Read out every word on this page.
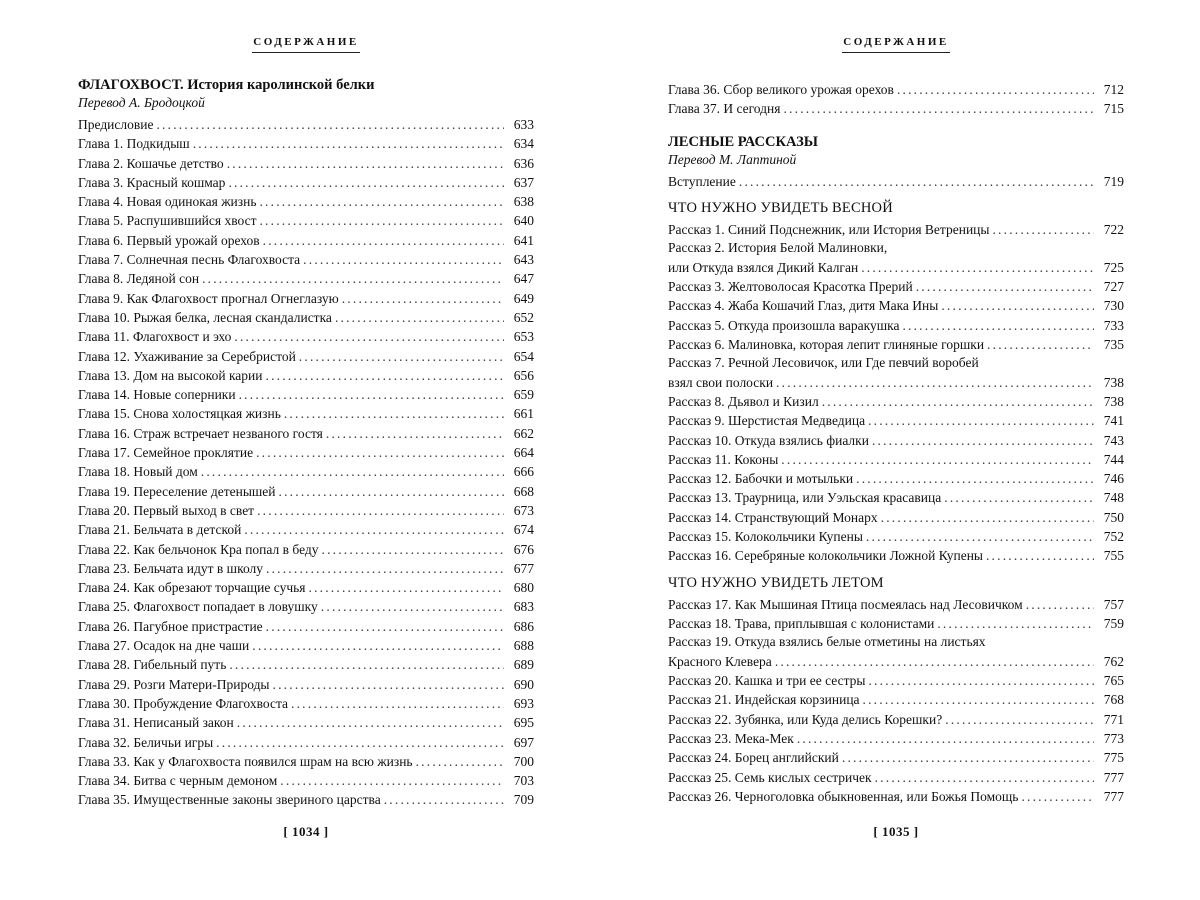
СОДЕРЖАНИЕ
ФЛАГОХВОСТ. История каролинской белки
Перевод А. Бродоцкой
Предисловие .....	633
Глава 1. Подкидыш .....	634
Глава 2. Кошачье детство .....	636
Глава 3. Красный кошмар .....	637
Глава 4. Новая одинокая жизнь .....	638
Глава 5. Распушившийся хвост .....	640
Глава 6. Первый урожай орехов .....	641
Глава 7. Солнечная песнь Флагохвоста .....	643
Глава 8. Ледяной сон .....	647
Глава 9. Как Флагохвост прогнал Огнеглазую .....	649
Глава 10. Рыжая белка, лесная скандалистка .....	652
Глава 11. Флагохвост и эхо .....	653
Глава 12. Ухаживание за Серебристой .....	654
Глава 13. Дом на высокой карии .....	656
Глава 14. Новые соперники .....	659
Глава 15. Снова холостяцкая жизнь .....	661
Глава 16. Страж встречает незваного гостя .....	662
Глава 17. Семейное проклятие .....	664
Глава 18. Новый дом .....	666
Глава 19. Переселение детенышей .....	668
Глава 20. Первый выход в свет .....	673
Глава 21. Бельчата в детской .....	674
Глава 22. Как бельчонок Кра попал в беду .....	676
Глава 23. Бельчата идут в школу .....	677
Глава 24. Как обрезают торчащие сучья .....	680
Глава 25. Флагохвост попадает в ловушку .....	683
Глава 26. Пагубное пристрастие .....	686
Глава 27. Осадок на дне чаши .....	688
Глава 28. Гибельный путь .....	689
Глава 29. Розги Матери-Природы .....	690
Глава 30. Пробуждение Флагохвоста .....	693
Глава 31. Неписаный закон .....	695
Глава 32. Беличьи игры .....	697
Глава 33. Как у Флагохвоста появился шрам на всю жизнь .....	700
Глава 34. Битва с черным демоном .....	703
Глава 35. Имущественные законы звериного царства .....	709
[ 1034 ]
СОДЕРЖАНИЕ
Глава 36. Сбор великого урожая орехов .....	712
Глава 37. И сегодня .....	715
ЛЕСНЫЕ РАССКАЗЫ
Перевод М. Лаптиной
Вступление .....	719
ЧТО НУЖНО УВИДЕТЬ ВЕСНОЙ
Рассказ 1. Синий Подснежник, или История Ветреницы .....	722
Рассказ 2. История Белой Малиновки,
или Откуда взялся Дикий Калган .....	725
Рассказ 3. Желтоволосая Красотка Прерий .....	727
Рассказ 4. Жаба Кошачий Глаз, дитя Мака Ины .....	730
Рассказ 5. Откуда произошла варакушка .....	733
Рассказ 6. Малиновка, которая лепит глиняные горшки .....	735
Рассказ 7. Речной Лесовичок, или Где певчий воробей
взял свои полоски .....	738
Рассказ 8. Дьявол и Кизил .....	738
Рассказ 9. Шерстистая Медведица .....	741
Рассказ 10. Откуда взялись фиалки .....	743
Рассказ 11. Коконы .....	744
Рассказ 12. Бабочки и мотыльки .....	746
Рассказ 13. Траурница, или Уэльская красавица .....	748
Рассказ 14. Странствующий Монарх .....	750
Рассказ 15. Колокольчики Купены .....	752
Рассказ 16. Серебряные колокольчики Ложной Купены .....	755
ЧТО НУЖНО УВИДЕТЬ ЛЕТОМ
Рассказ 17. Как Мышиная Птица посмеялась над Лесовичком .....	757
Рассказ 18. Трава, приплывшая с колонистами .....	759
Рассказ 19. Откуда взялись белые отметины на листьях
Красного Клевера .....	762
Рассказ 20. Кашка и три ее сестры .....	765
Рассказ 21. Индейская корзиница .....	768
Рассказ 22. Зубянка, или Куда делись Корешки? .....	771
Рассказ 23. Мека-Мек .....	773
Рассказ 24. Борец английский .....	775
Рассказ 25. Семь кислых сестричек .....	777
Рассказ 26. Черноголовка обыкновенная, или Божья Помощь .....	777
[ 1035 ]
